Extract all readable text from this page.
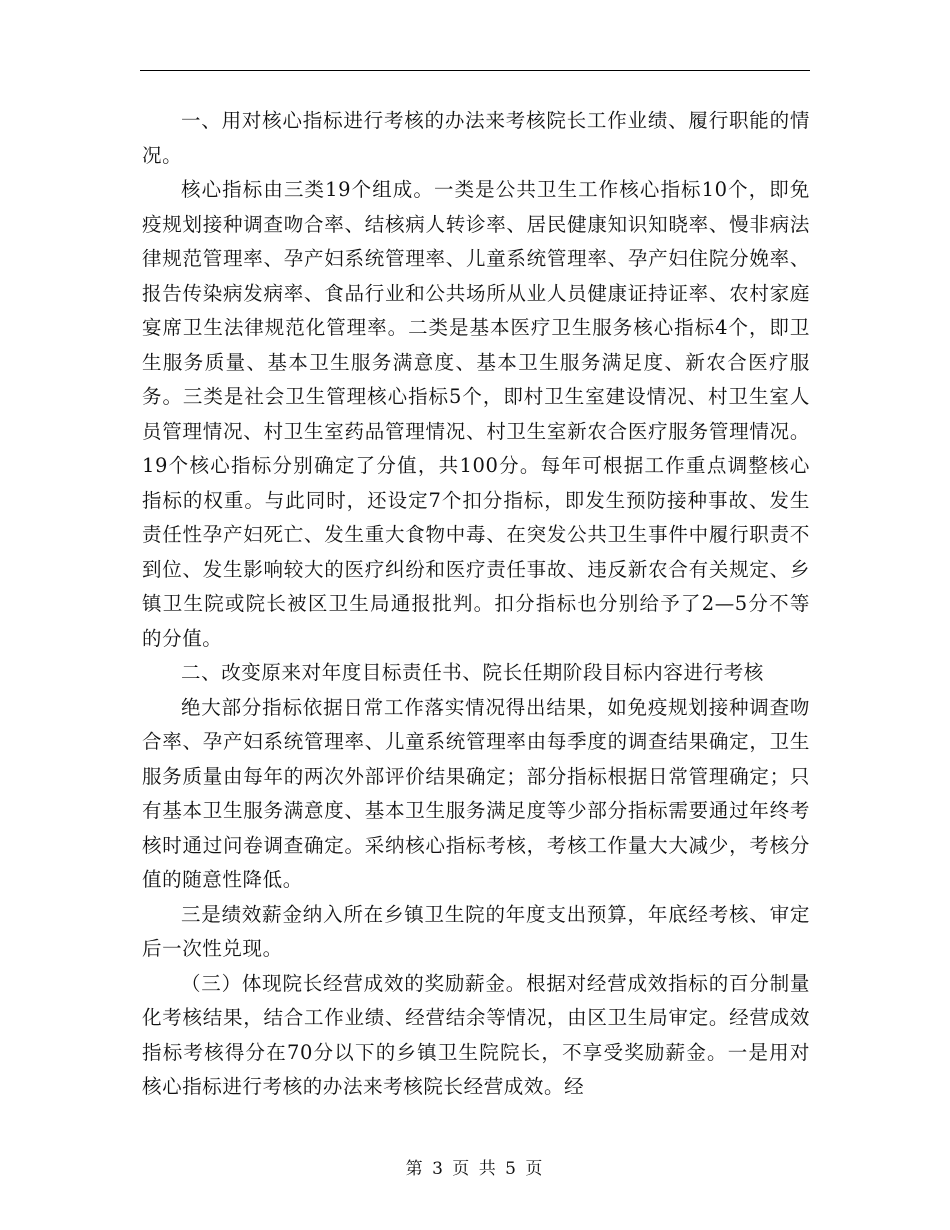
一、用对核心指标进行考核的办法来考核院长工作业绩、履行职能的情况。

核心指标由三类19个组成。一类是公共卫生工作核心指标10个，即免疫规划接种调查吻合率、结核病人转诊率、居民健康知识知晓率、慢非病法律规范管理率、孕产妇系统管理率、儿童系统管理率、孕产妇住院分娩率、报告传染病发病率、食品行业和公共场所从业人员健康证持证率、农村家庭宴席卫生法律规范化管理率。二类是基本医疗卫生服务核心指标4个，即卫生服务质量、基本卫生服务满意度、基本卫生服务满足度、新农合医疗服务。三类是社会卫生管理核心指标5个，即村卫生室建设情况、村卫生室人员管理情况、村卫生室药品管理情况、村卫生室新农合医疗服务管理情况。19个核心指标分别确定了分值，共100分。每年可根据工作重点调整核心指标的权重。与此同时，还设定7个扣分指标，即发生预防接种事故、发生责任性孕产妇死亡、发生重大食物中毒、在突发公共卫生事件中履行职责不到位、发生影响较大的医疗纠纷和医疗责任事故、违反新农合有关规定、乡镇卫生院或院长被区卫生局通报批判。扣分指标也分别给予了2—5分不等的分值。

二、改变原来对年度目标责任书、院长任期阶段目标内容进行考核

绝大部分指标依据日常工作落实情况得出结果，如免疫规划接种调查吻合率、孕产妇系统管理率、儿童系统管理率由每季度的调查结果确定，卫生服务质量由每年的两次外部评价结果确定；部分指标根据日常管理确定；只有基本卫生服务满意度、基本卫生服务满足度等少部分指标需要通过年终考核时通过问卷调查确定。采纳核心指标考核，考核工作量大大减少，考核分值的随意性降低。

三是绩效薪金纳入所在乡镇卫生院的年度支出预算，年底经考核、审定后一次性兑现。

（三）体现院长经营成效的奖励薪金。根据对经营成效指标的百分制量化考核结果，结合工作业绩、经营结余等情况，由区卫生局审定。经营成效指标考核得分在70分以下的乡镇卫生院院长，不享受奖励薪金。一是用对核心指标进行考核的办法来考核院长经营成效。经

第 3 页 共 5 页
